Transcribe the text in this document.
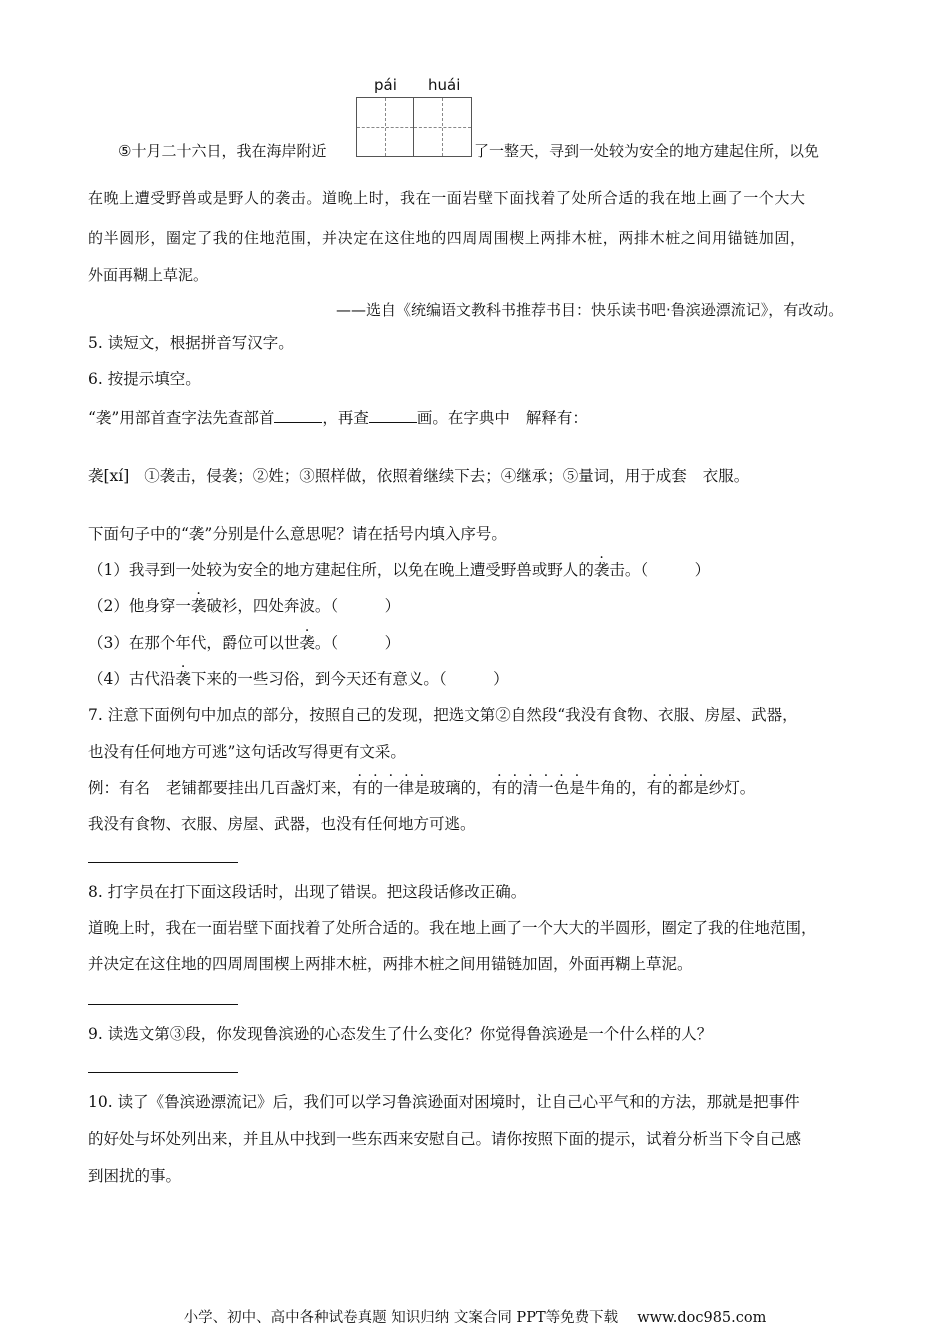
pái huái
⑤十月二十六日，我在海岸附近	了一整天，寻到一处较为安全的地方建起住所，以免
在晚上遭受野兽或是野人的袭击。道晚上时，我在一面岩壁下面找着了处所合适的我在地上画了一个大大
的半圆形，圈定了我的住地范围，并决定在这住地的四周周围楔上两排木桩，两排木桩之间用锚链加固，
外面再糊上草泥。
——选自《统编语文教科书推荐书目：快乐读书吧·鲁滨逊漂流记》，有改动。
5. 读短文，根据拼音写汉字。
6. 按提示填空。
“袭”用部首查字法先查部首	，再查	画。在字典中 解释有：
袭[xí] ①袭击，侵袭；②姓；③照样做，依照着继续下去；④继承；⑤量词，用于成套 衣服。
下面句子中的“袭”分别是什么意思呢？请在括号内填入序号。
（1）我寻到一处较为安全的地方建起住所，以免在晚上遭受野兽或野人的袭击。（　　　）
（2）他身穿一袭破衫，四处奔波。（　　　）
（3）在那个年代，爵位可以世袭。（　　　）
（4）古代沿袭下来的一些习俗，到今天还有意义。（　　　）
7. 注意下面例句中加点的部分，按照自己的发现，把选文第②自然段“我没有食物、衣服、房屋、武器，
也没有任何地方可逃”这句话改写得更有文采。
例：有名 老铺都要挂出几百盏灯来，有的一律是玻璃的，有的清一色是牛角的，有的都是纱灯。
我没有食物、衣服、房屋、武器，也没有任何地方可逃。
8. 打字员在打下面这段话时，出现了错误。把这段话修改正确。
道晚上时，我在一面岩壁下面找着了处所合适的。我在地上画了一个大大的半圆形，圈定了我的住地范围，
并决定在这住地的四周周围楔上两排木桩，两排木桩之间用锚链加固，外面再糊上草泥。
9. 读选文第③段，你发现鲁滨逊的心态发生了什么变化？你觉得鲁滨逊是一个什么样的人？
10. 读了《鲁滨逊漂流记》后，我们可以学习鲁滨逊面对困境时，让自己心平气和的方法，那就是把事件
的好处与坏处列出来，并且从中找到一些东西来安慰自己。请你按照下面的提示，试着分析当下令自己感
到困扰的事。
小学、初中、高中各种试卷真题 知识归纳 文案合同 PPT等免费下载　 www.doc985.com
